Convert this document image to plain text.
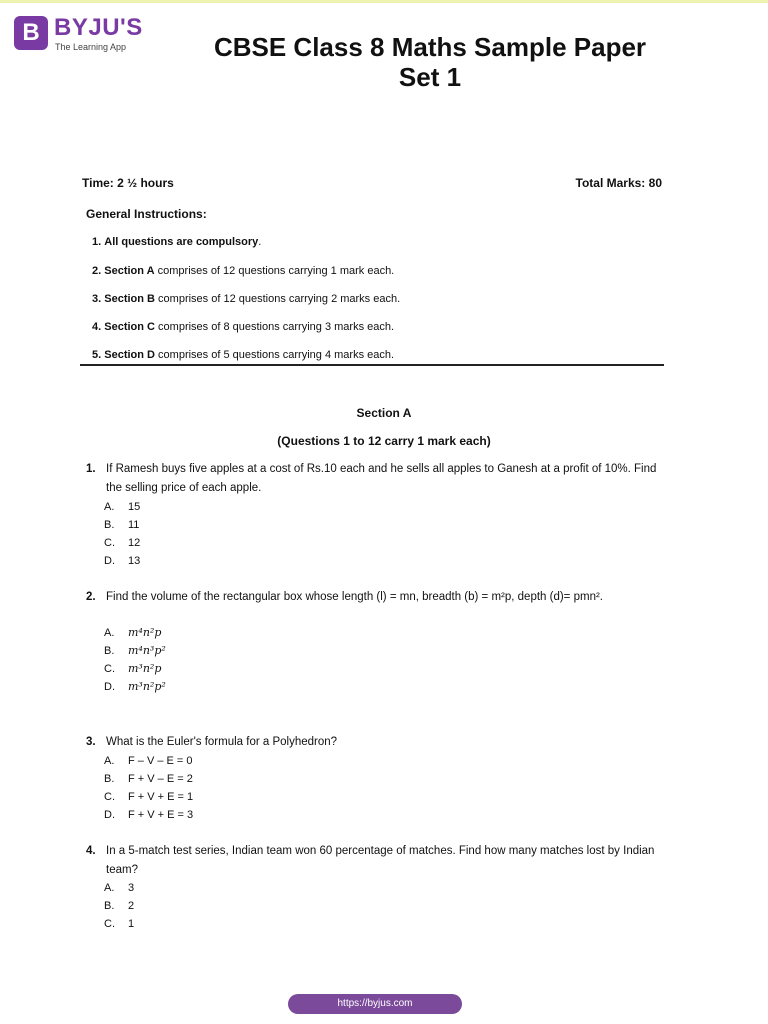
B BYJU'S
The Learning App	CBSE Class 8 Maths Sample Paper
Set 1
Time: 2 ½ hours	Total Marks: 80
General Instructions:
1. All questions are compulsory.
2. Section A comprises of 12 questions carrying 1 mark each.
3. Section B comprises of 12 questions carrying 2 marks each.
4. Section C comprises of 8 questions carrying 3 marks each.
5. Section D comprises of 5 questions carrying 4 marks each.
Section A
(Questions 1 to 12 carry 1 mark each)
1. If Ramesh buys five apples at a cost of Rs.10 each and he sells all apples to Ganesh at a profit of 10%. Find the selling price of each apple.
A. 15
B. 11
C. 12
D. 13
2. Find the volume of the rectangular box whose length (l) = mn, breadth (b) = m²p, depth (d)= pmn².
A. m⁴n²p
B. m⁴n³p²
C. m³n²p
D. m³n²p²
3. What is the Euler's formula for a Polyhedron?
A. F – V – E = 0
B. F + V – E = 2
C. F + V + E = 1
D. F + V + E = 3
4. In a 5-match test series, Indian team won 60 percentage of matches. Find how many matches lost by Indian team?
A. 3
B. 2
C. 1
https://byjus.com
